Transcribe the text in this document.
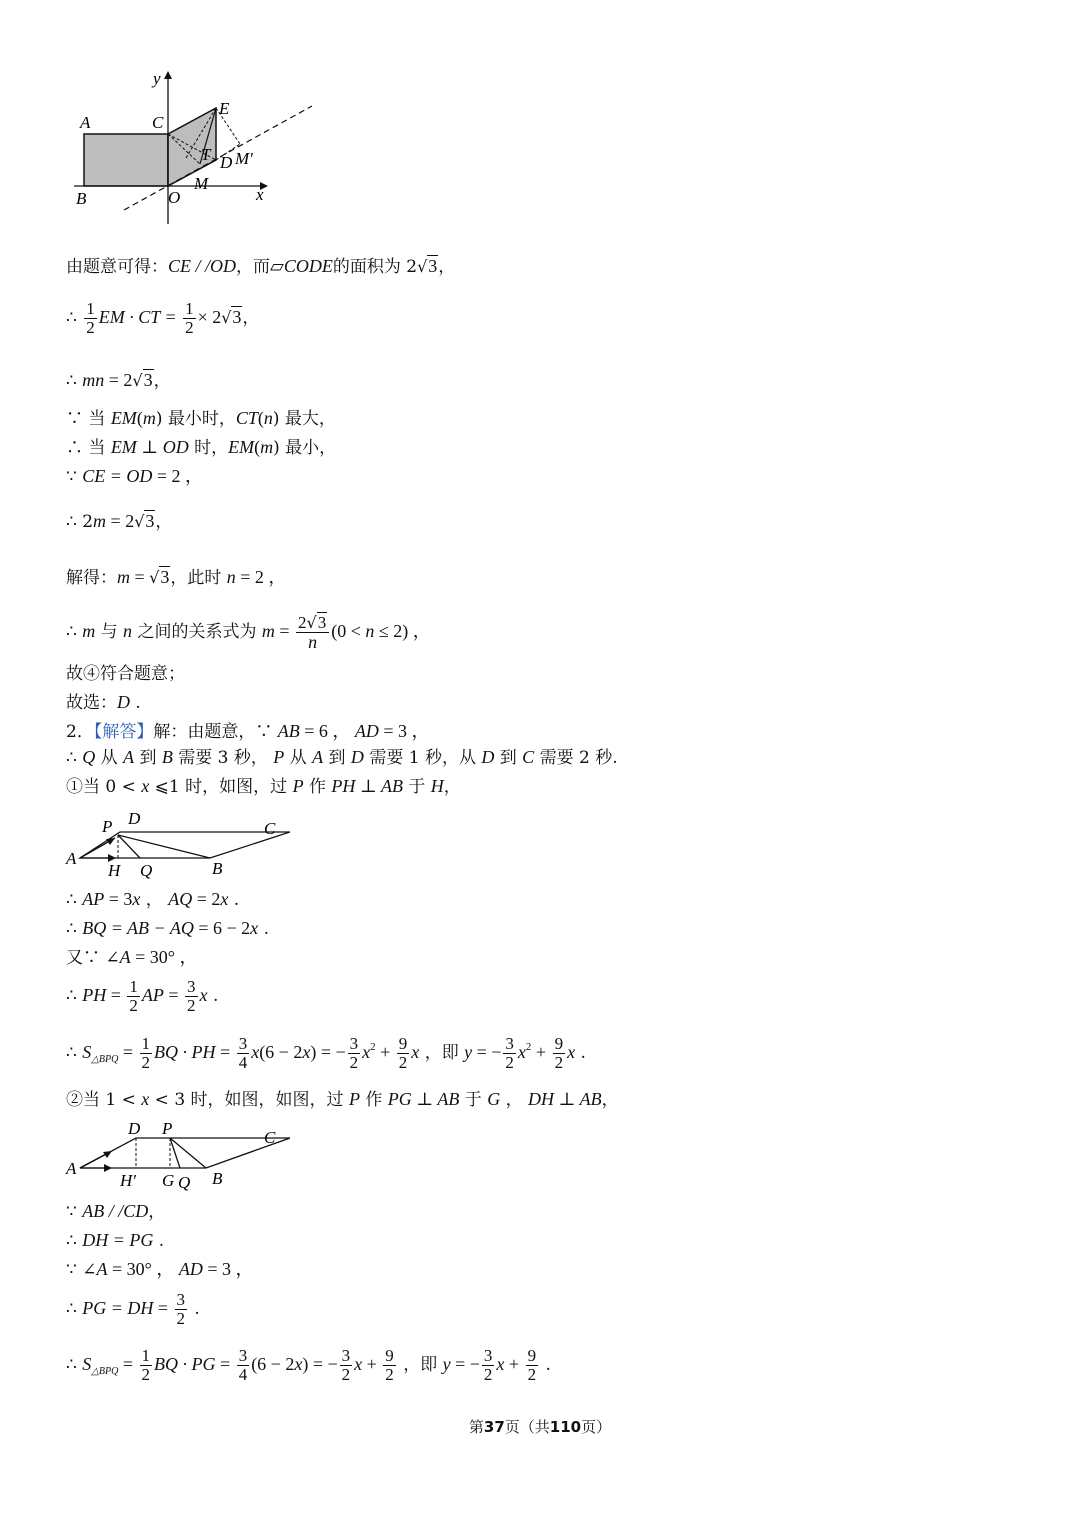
y
A
B
C
O
E
T D M′
M
x
由题意可得：CE / /OD，而▱CODE的面积为 2√3，
∴ $\frac{1}{2}$ EM · CT = $\frac{1}{2} \times 2√3$，
∴ mn = 2√3，
∵ 当 EM(m) 最小时，CT(n) 最大，
∴ 当 EM ⊥ OD 时，EM(m) 最小，
∵ CE = OD = 2 ，
∴ 2m = 2√3，
解得：m = √3，此时 n = 2 ，
∴ m 与 n 之间的关系式为 $m = \frac{2√3}{n} (0 < n \le 2)$ ，
故④符合题意；
故选：D .
2．【解答】解：由题意，∵ AB = 6 ， AD = 3 ，
∴ Q 从 A 到 B 需要 3 秒， P 从 A 到 D 需要 1 秒，从 D 到 C 需要 2 秒.
①当 0 < x ⩽1 时，如图，过 P 作 PH ⊥ AB 于 H，
P D
C
A
H Q	B
∴ AP = 3x ， AQ = 2x .
∴ BQ = AB − AQ = 6 − 2x .
又∵ ∠A = 30° ，
∴ PH = $\frac{1}{2}$ AP = $\frac{3}{2}$ x .
∴ $S_{\triangle BPQ} = \frac{1}{2}$ BQ · PH = $\frac{3}{4} x(6 - 2x)$ = − $\frac{3}{2} x^2 + \frac{9}{2}$ x ，即 y = − $\frac{3}{2} x^2 + \frac{9}{2}$ x .
②当 1 < x < 3 时，如图，如图，过 P 作 PG ⊥ AB 于 G ， DH ⊥ AB，
D P	C
A
H′ G Q B
∵ AB / /CD，
∴ DH = PG .
∵ ∠A = 30° ， AD = 3 ，
∴ PG = DH = $\frac{3}{2}$ .
∴ $S_{\triangle BPQ} = \frac{1}{2}$ BQ · PG = $\frac{3}{4} (6 - 2x)$ = − $\frac{3}{2}$ $x + \frac{9}{2}$ ，即 y = − $\frac{3}{2}$ $x + \frac{9}{2}$ .
第37页（共110页）
